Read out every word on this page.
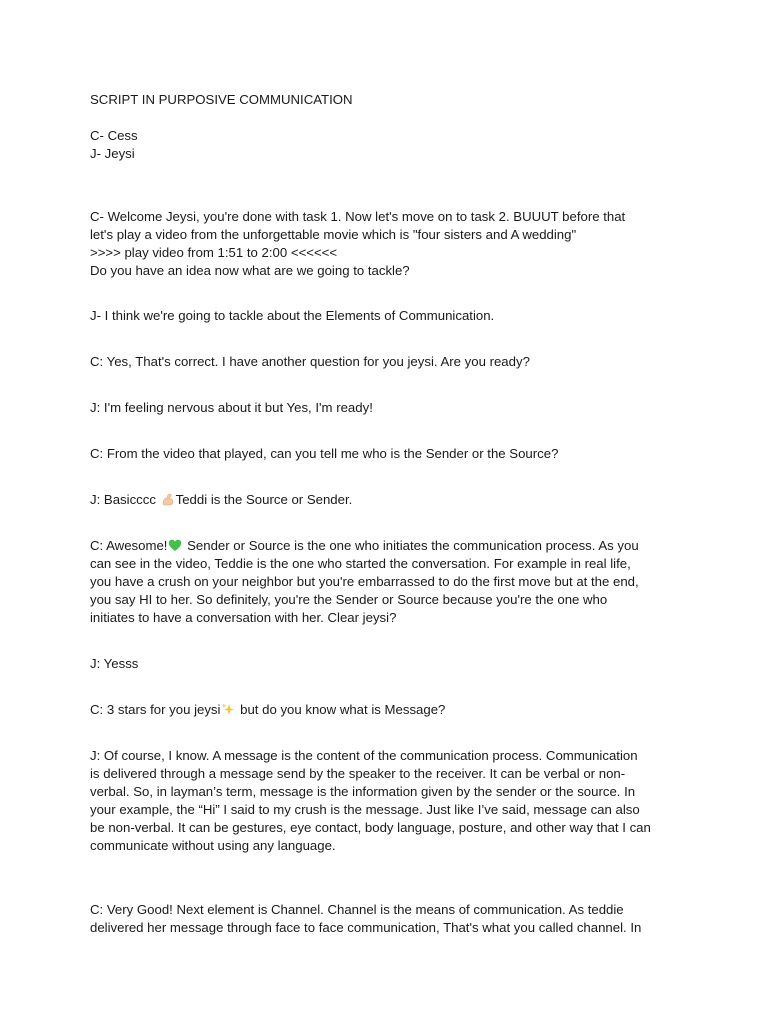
SCRIPT IN PURPOSIVE COMMUNICATION
C- Cess
J- Jeysi
C- Welcome Jeysi, you're done with task 1. Now let's move on to task 2. BUUUT before that
let's play a video from the unforgettable movie which is "four sisters and A wedding"
>>>> play video from 1:51 to 2:00 <<<<<<
Do you have an idea now what are we going to tackle?
J- I think we're going to tackle about the Elements of Communication.
C: Yes, That's correct. I have another question for you jeysi. Are you ready?
J: I'm feeling nervous about it but Yes, I'm ready!
C: From the video that played, can you tell me who is the Sender or the Source?
J: Basicccc
Teddi is the Source or Sender.
C: Awesome!
Sender or Source is the one who initiates the communication process. As you
can see in the video, Teddie is the one who started the conversation. For example in real life,
you have a crush on your neighbor but you're embarrassed to do the first move but at the end,
you say HI to her. So definitely, you're the Sender or Source because you're the one who
initiates to have a conversation with her. Clear jeysi?
J: Yesss
C: 3 stars for you jeysi
but do you know what is Message?
J: Of course, I know. A message is the content of the communication process. Communication
is delivered through a message send by the speaker to the receiver. It can be verbal or non-
verbal. So, in layman’s term, message is the information given by the sender or the source. In
your example, the “Hi” I said to my crush is the message. Just like I’ve said, message can also
be non-verbal. It can be gestures, eye contact, body language, posture, and other way that I can
communicate without using any language.
C: Very Good! Next element is Channel. Channel is the means of communication. As teddie
delivered her message through face to face communication, That's what you called channel. In
